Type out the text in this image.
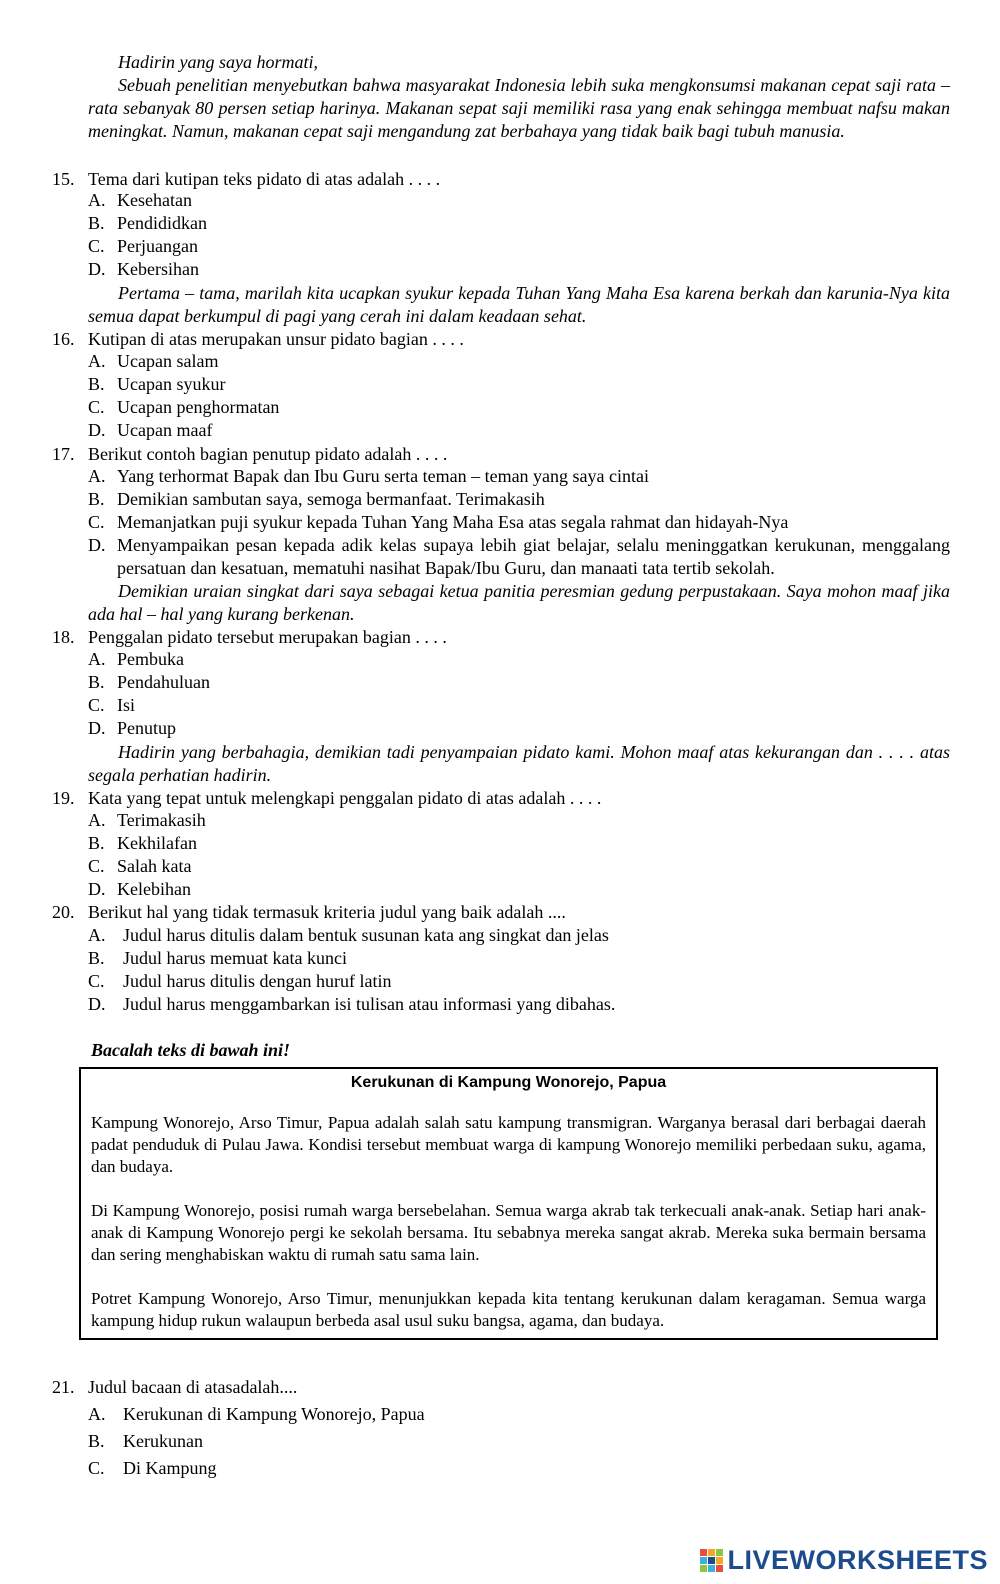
Hadirin yang saya hormati,

Sebuah penelitian menyebutkan bahwa masyarakat Indonesia lebih suka mengkonsumsi makanan cepat saji rata – rata sebanyak 80 persen setiap harinya. Makanan sepat saji memiliki rasa yang enak sehingga membuat nafsu makan meningkat. Namun, makanan cepat saji mengandung zat berbahaya yang tidak baik bagi tubuh manusia.

15. Tema dari kutipan teks pidato di atas adalah . . . .
A. Kesehatan
B. Pendididkan
C. Perjuangan
D. Kebersihan

Pertama – tama, marilah kita ucapkan syukur kepada Tuhan Yang Maha Esa karena berkah dan karunia-Nya kita semua dapat berkumpul di pagi yang cerah ini dalam keadaan sehat.

16. Kutipan di atas merupakan unsur pidato bagian . . . .
A. Ucapan salam
B. Ucapan syukur
C. Ucapan penghormatan
D. Ucapan maaf
17. Berikut contoh bagian penutup pidato adalah . . . .
A. Yang terhormat Bapak dan Ibu Guru serta teman – teman yang saya cintai
B. Demikian sambutan saya, semoga bermanfaat. Terimakasih
C. Memanjatkan puji syukur kepada Tuhan Yang Maha Esa atas segala rahmat dan hidayah-Nya
D. Menyampaikan pesan kepada adik kelas supaya lebih giat belajar, selalu meninggatkan kerukunan, menggalang persatuan dan kesatuan, mematuhi nasihat Bapak/Ibu Guru, dan manaati tata tertib sekolah.

Demikian uraian singkat dari saya sebagai ketua panitia peresmian gedung perpustakaan. Saya mohon maaf jika ada hal – hal yang kurang berkenan.

18. Penggalan pidato tersebut merupakan bagian . . . .
A. Pembuka
B. Pendahuluan
C. Isi
D. Penutup

Hadirin yang berbahagia, demikian tadi penyampaian pidato kami. Mohon maaf atas kekurangan dan . . . . atas segala perhatian hadirin.

19. Kata yang tepat untuk melengkapi penggalan pidato di atas adalah . . . .
A. Terimakasih
B. Kekhilafan
C. Salah kata
D. Kelebihan
20. Berikut hal yang tidak termasuk kriteria judul yang baik adalah ....
A. Judul harus ditulis dalam bentuk susunan kata ang singkat dan jelas
B.	Judul harus memuat kata kunci
C.	Judul harus ditulis dengan huruf latin
D. Judul harus menggambarkan isi tulisan atau informasi yang dibahas.
Bacalah teks di bawah ini!
Kerukunan di Kampung Wonorejo, Papua

Kampung Wonorejo, Arso Timur, Papua adalah salah satu kampung transmigran. Warganya berasal dari berbagai daerah padat penduduk di Pulau Jawa. Kondisi tersebut membuat warga di kampung Wonorejo memiliki perbedaan suku, agama, dan budaya.

Di Kampung Wonorejo, posisi rumah warga bersebelahan. Semua warga akrab tak terkecuali anak-anak. Setiap hari anak-anak di Kampung Wonorejo pergi ke sekolah bersama. Itu sebabnya mereka sangat akrab. Mereka suka bermain bersama dan sering menghabiskan waktu di rumah satu sama lain.

Potret Kampung Wonorejo, Arso Timur, menunjukkan kepada kita tentang kerukunan dalam keragaman. Semua warga kampung hidup rukun walaupun berbeda asal usul suku bangsa, agama, dan budaya.

21. Judul bacaan di atasadalah....
A. Kerukunan di Kampung Wonorejo, Papua
B.	Kerukunan
C.	Di Kampung
LIVEWORKSHEETS
